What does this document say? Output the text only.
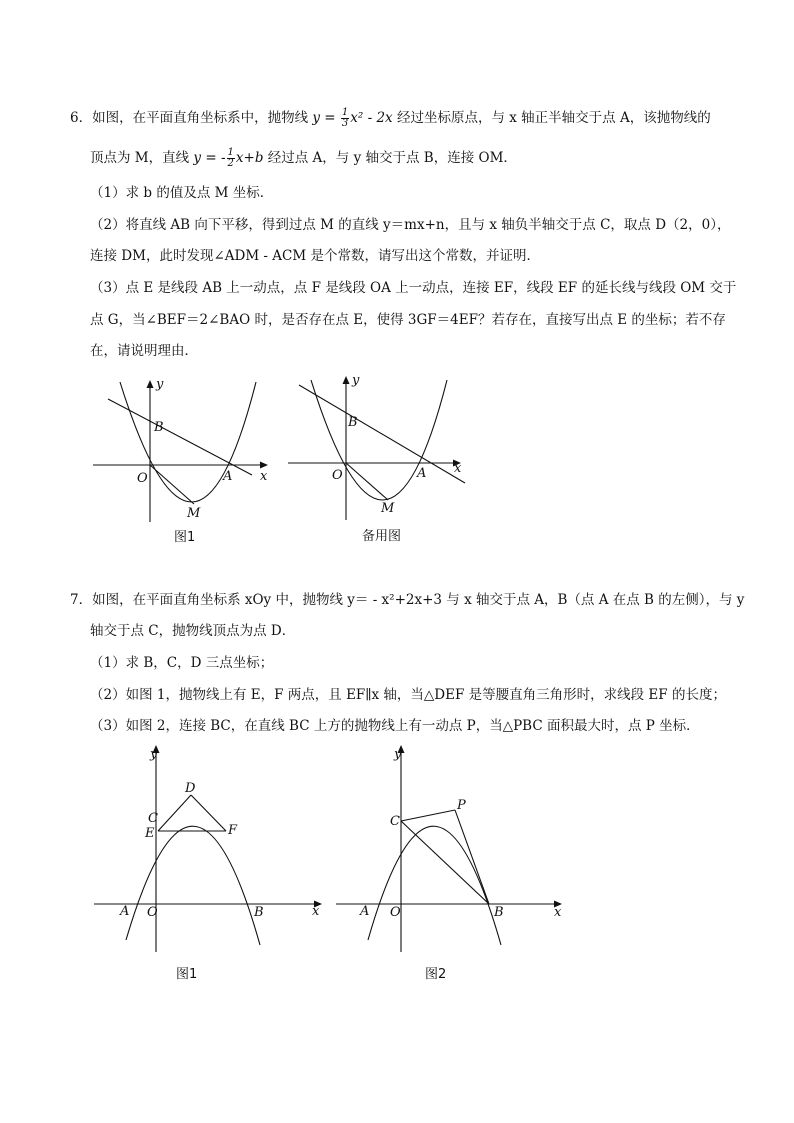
6．如图，在平面直角坐标系中，抛物线 $y = \frac{1}{3} x^2 - 2x$ 经过坐标原点，与 x 轴正半轴交于点 A，该抛物线的
顶点为 M，直线 y = - $\frac{1}{2} x+b$ 经过点 A，与 y 轴交于点 B，连接 OM．
（1）求 b 的值及点 M 坐标．
（2）将直线 AB 向下平移，得到过点 M 的直线 y＝mx+n，且与 x 轴负半轴交于点 C，取点 D（2，0），
连接 DM，此时发现∠ADM - ACM 是个常数，请写出这个常数，并证明．
（3）点 E 是线段 AB 上一动点，点 F 是线段 OA 上一动点，连接 EF，线段 EF 的延长线与线段 OM 交于
点 G，当∠BEF＝2∠BAO 时，是否存在点 E，使得 3GF＝4EF？若存在，直接写出点 E 的坐标；若不存
在，请说明理由．
y
x
B
O	A
M
图1
y
x
B
O	A
M
备用图
7．如图，在平面直角坐标系 xOy 中，抛物线 y＝ - x²+2x+3 与 x 轴交于点 A，B（点 A 在点 B 的左侧），与 y
轴交于点 C，抛物线顶点为点 D．
（1）求 B，C，D 三点坐标；
（2）如图 1，抛物线上有 E，F 两点，且 EF∥x 轴，当△DEF 是等腰直角三角形时，求线段 EF 的长度；
（3）如图 2，连接 BC，在直线 BC 上方的抛物线上有一动点 P，当△PBC 面积最大时，点 P 坐标．
y
x
D
C
E	F
A O	B
图1
y
x
P
C
A O	B
图2
